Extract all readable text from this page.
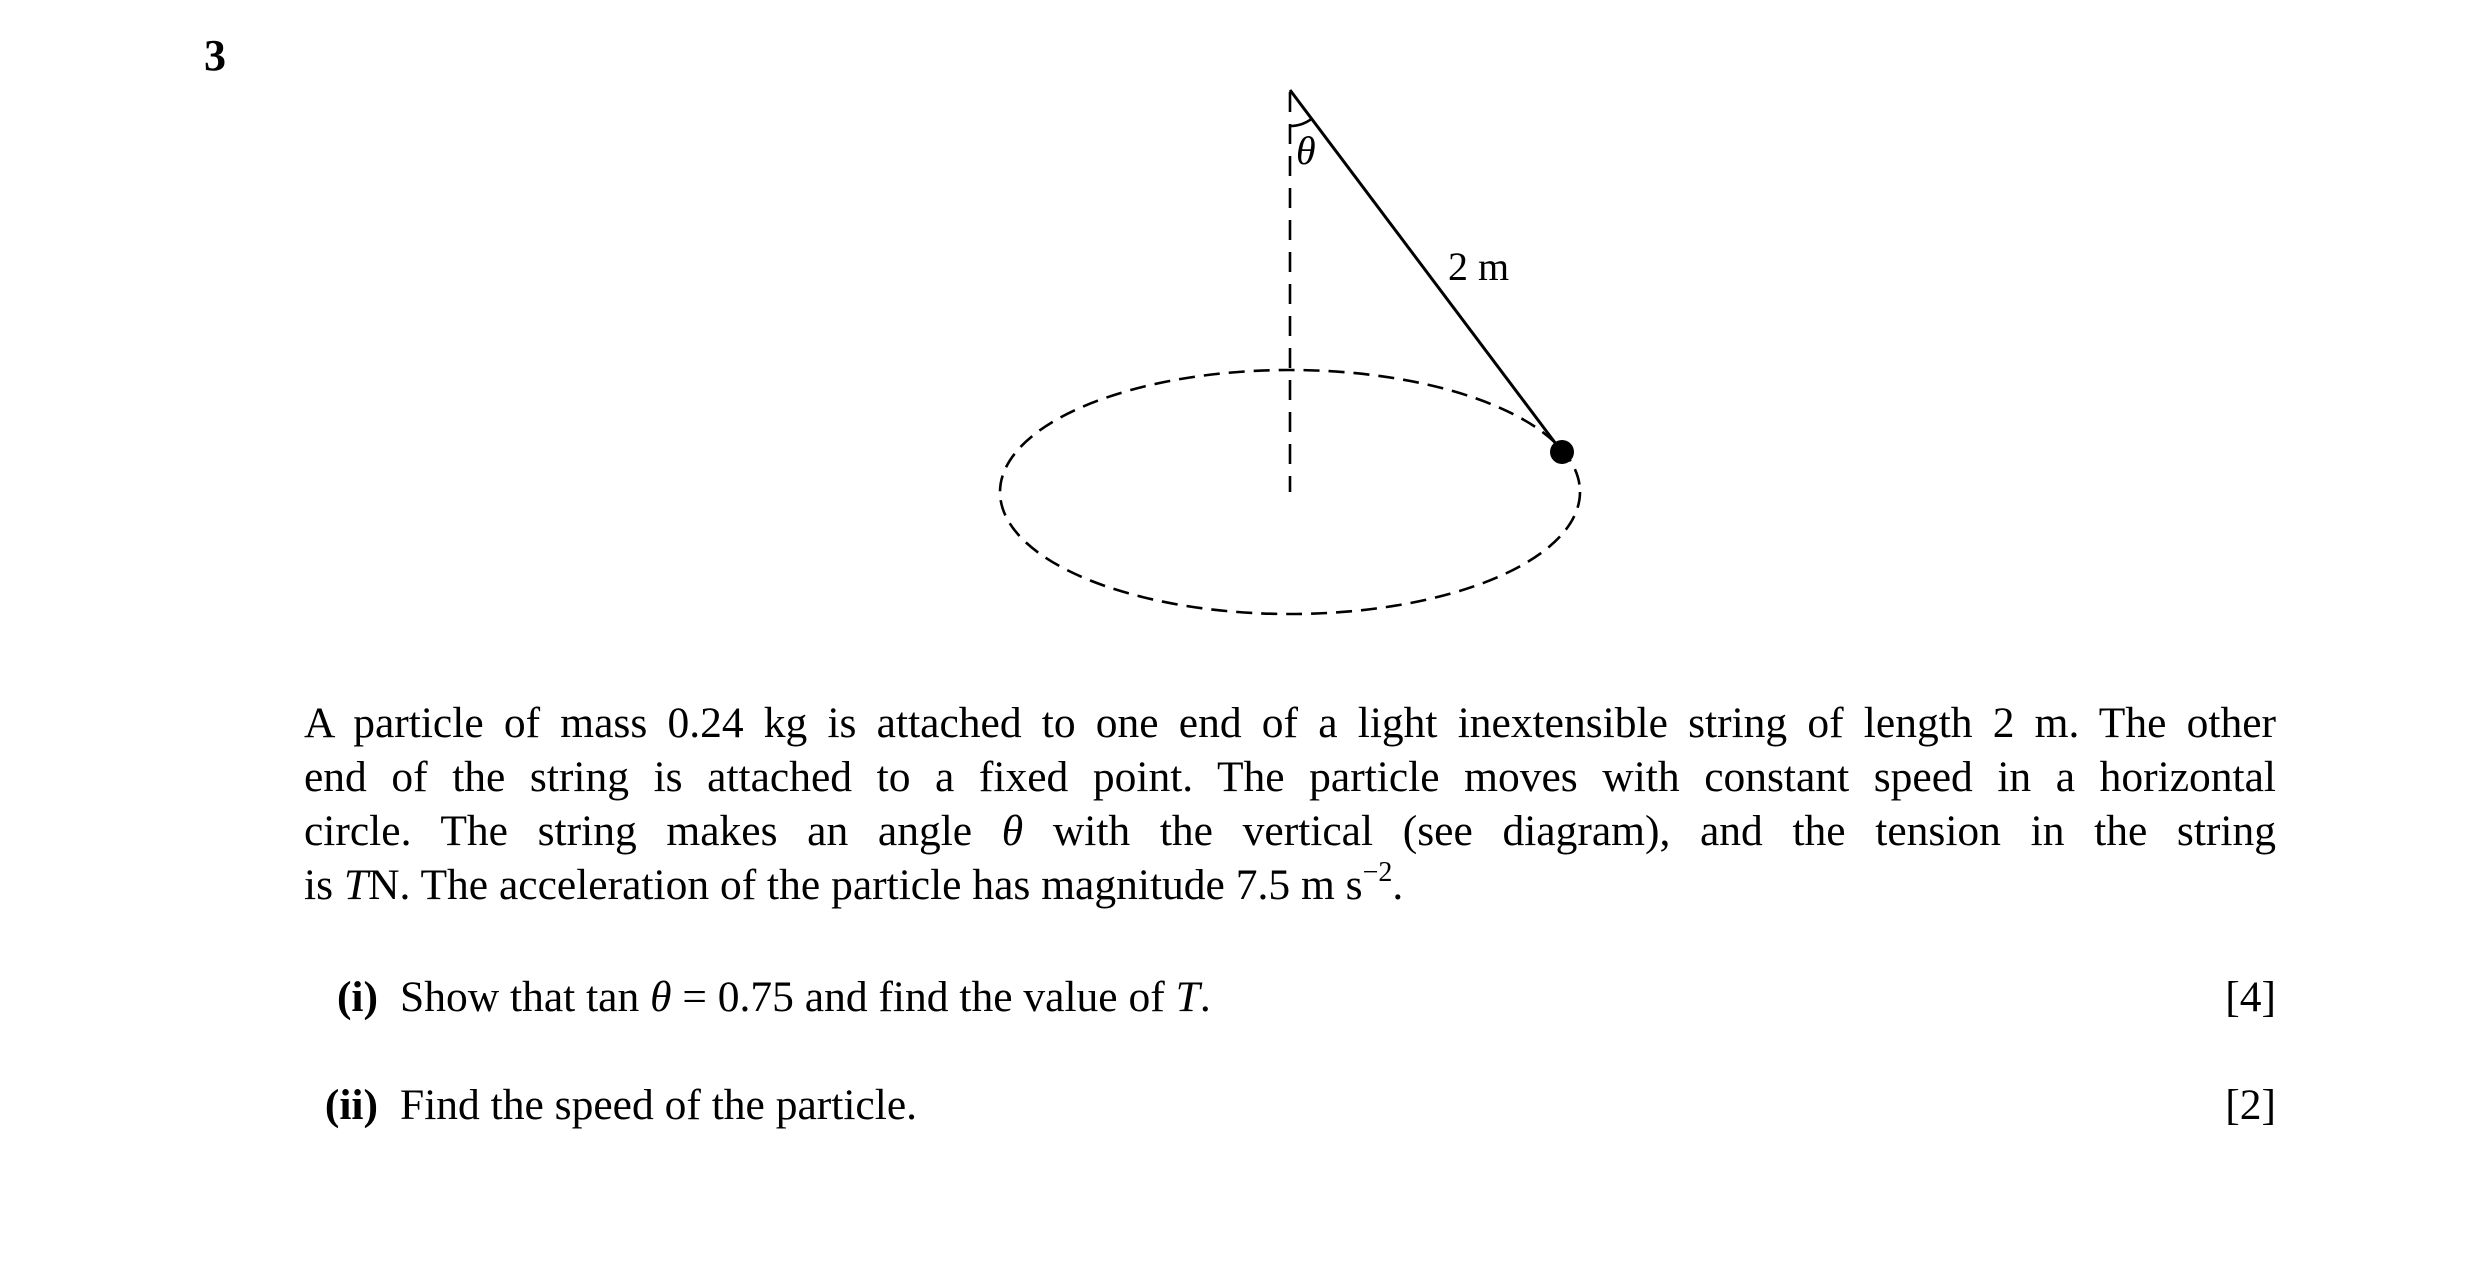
3
θ
2 m
A particle of mass 0.24 kg is attached to one end of a light inextensible string of length 2 m. The other
end of the string is attached to a fixed point. The particle moves with constant speed in a horizontal
circle. The string makes an angle θ with the vertical (see diagram), and the tension in the string
is TN. The acceleration of the particle has magnitude 7.5 m $s^{-2}$.
(i) Show that tan θ = 0.75 and find the value of T.	[4]
(ii) Find the speed of the particle.	[2]
